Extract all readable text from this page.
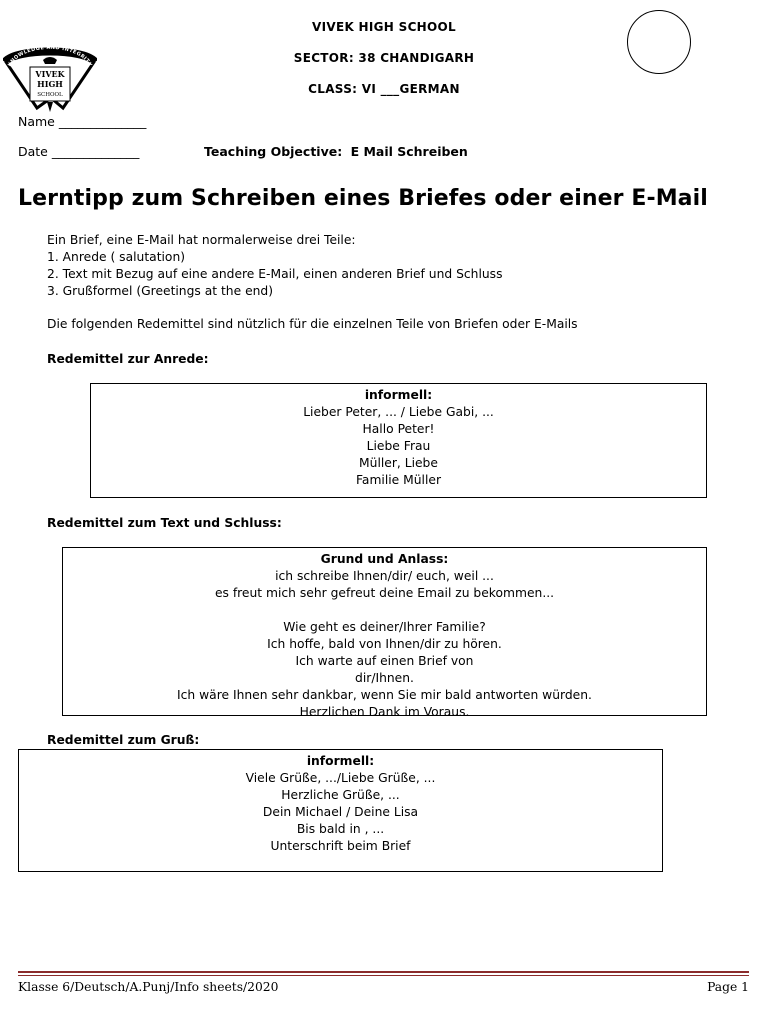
VIVEK HIGH SCHOOL
SECTOR: 38 CHANDIGARH
CLASS: VI ___GERMAN
KNOWLEDGE AND INTEGRITY
VIVEK
HIGH
SCHOOL
Name ______________
Date ______________	Teaching Objective: E Mail Schreiben
Lerntipp zum Schreiben eines Briefes oder einer E-Mail
Ein Brief, eine E-Mail hat normalerweise drei Teile:
1. Anrede ( salutation)
2. Text mit Bezug auf eine andere E-Mail, einen anderen Brief und Schluss
3. Grußformel (Greetings at the end)
Die folgenden Redemittel sind nützlich für die einzelnen Teile von Briefen oder E-Mails
Redemittel zur Anrede:
informell:
Lieber Peter, ... / Liebe Gabi, ...
Hallo Peter!
Liebe Frau
Müller, Liebe
Familie Müller
Redemittel zum Text und Schluss:
Grund und Anlass:
ich schreibe Ihnen/dir/ euch, weil ...
es freut mich sehr gefreut deine Email zu bekommen...
Wie geht es deiner/Ihrer Familie?
Ich hoffe, bald von Ihnen/dir zu hören.
Ich warte auf einen Brief von
dir/Ihnen.
Ich wäre Ihnen sehr dankbar, wenn Sie mir bald antworten würden.
Herzlichen Dank im Voraus.
Redemittel zum Gruß:
informell:
Viele Grüße, .../Liebe Grüße, ...
Herzliche Grüße, ...
Dein Michael / Deine Lisa
Bis bald in , ...
Unterschrift beim Brief
Klasse 6/Deutsch/A.Punj/Info sheets/2020	Page 1
